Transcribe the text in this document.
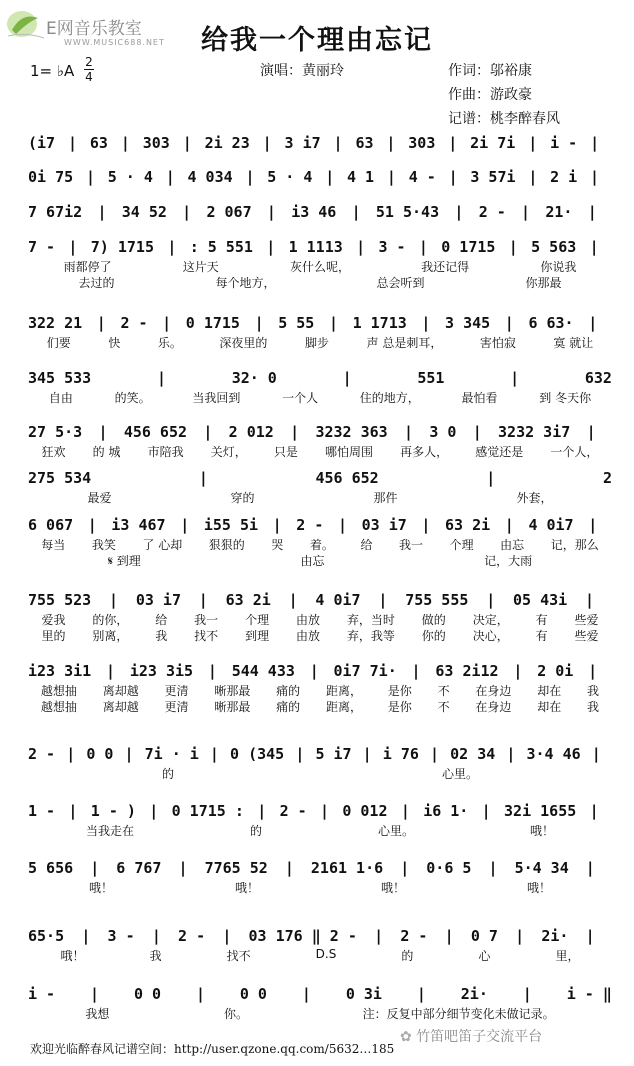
E网音乐教室
WWW.MUSIC688.NET	给我一个理由忘记
1= ♭A 2
4	演唱：黄丽玲	作词：邬裕康
作曲：游政豪
记谱：桃李醉春风
(i7 | 63 | 303 | 2i 23 | 3 i7 | 63 | 303 | 2i 7i | i - |
0i 75 | 5 · 4 | 4 034 | 5 · 4 | 4 1 | 4 - | 3 57i | 2 i |
7 67i2 | 34 52 | 2 067 | i3 46 | 51 5·43 | 2 - | 21· |
7 - | 7) 1715 | : 5 551 | 1 1113 | 3 - | 0 1715 | 5 563 |
雨都停了	这片天	灰什么呢，	我还记得	你说我
去过的	每个地方，	总会听到	你那最
322 21 | 2 - | 0 1715 | 5 55 | 1 1713 | 3 345 | 6 63· |
们要	快	乐。	深夜里的	脚步	声 总是刺耳，	害怕寂	寞 就让
345 533	|	32· 0	|	551	|	632
自由	的笑。	当我回到	一个人	住的地方，	最怕看	到 冬天你
27 5·3 | 456 652 | 2 012 | 3232 363 | 3 0 | 3232 3i7 |
狂欢 的 城 市陪我 关灯， 只是 哪怕周围 再多人， 感觉还是 一个人，
275 534	|	456 652	|	2
最爱	穿的	那件	外套，
6 067 | i3 467 | i55 5i | 2 - | 03 i7 | 63 2i | 4 0i7 |
每当 我笑 了 心却 狠狠的 哭 着。 给 我一 个理 由忘 记，那么
𝄋 到理	由忘	记，大雨
755 523 | 03 i7 | 63 2i | 4 0i7 | 755 555 | 05 43i |
爱我 的你， 给 我一 个理 由放 弃，当时 做的 决定， 有 些爱
里的 别离， 我 找不 到理 由放 弃，我等 你的 决心， 有 些爱
i23 3i1 | i23 3i5 | 544 433 | 0i7 7i· | 63 2i12 | 2 0i |
越想抽 离却越 更清 晰那最 痛的 距离， 是你 不 在身边 却在 我
越想抽 离却越 更清 晰那最 痛的 距离， 是你 不 在身边 却在 我
2 - | 0 0 | 7i · i | 0 (345 | 5 i7 | i 76 | 02 34 | 3·4 46 |
的	心里。
1 - | 1 - ) | 0 1715 : | 2 - | 0 012 | i6 1· | 32i 1655 |
当我走在	的	心里。	哦！
5 656 | 6 767 | 7765 52 | 2161 1·6 | 0·6 5 | 5·4 34 |
哦！	哦！	哦！	哦！
65·5 | 3 - | 2 - | 03 176 ‖ 2 - | 2 - | 0 7 | 2i· |
哦！	我	找不	D.S	的	心	里，
i - | 0 0 | 0 0 | 0 3i | 2i· | i - ‖
我想	你。	注：反复中部分细节变化未做记录。
✿ 竹笛吧笛子交流平台
欢迎光临醉春风记谱空间：http://user.qzone.qq.com/5632…185
